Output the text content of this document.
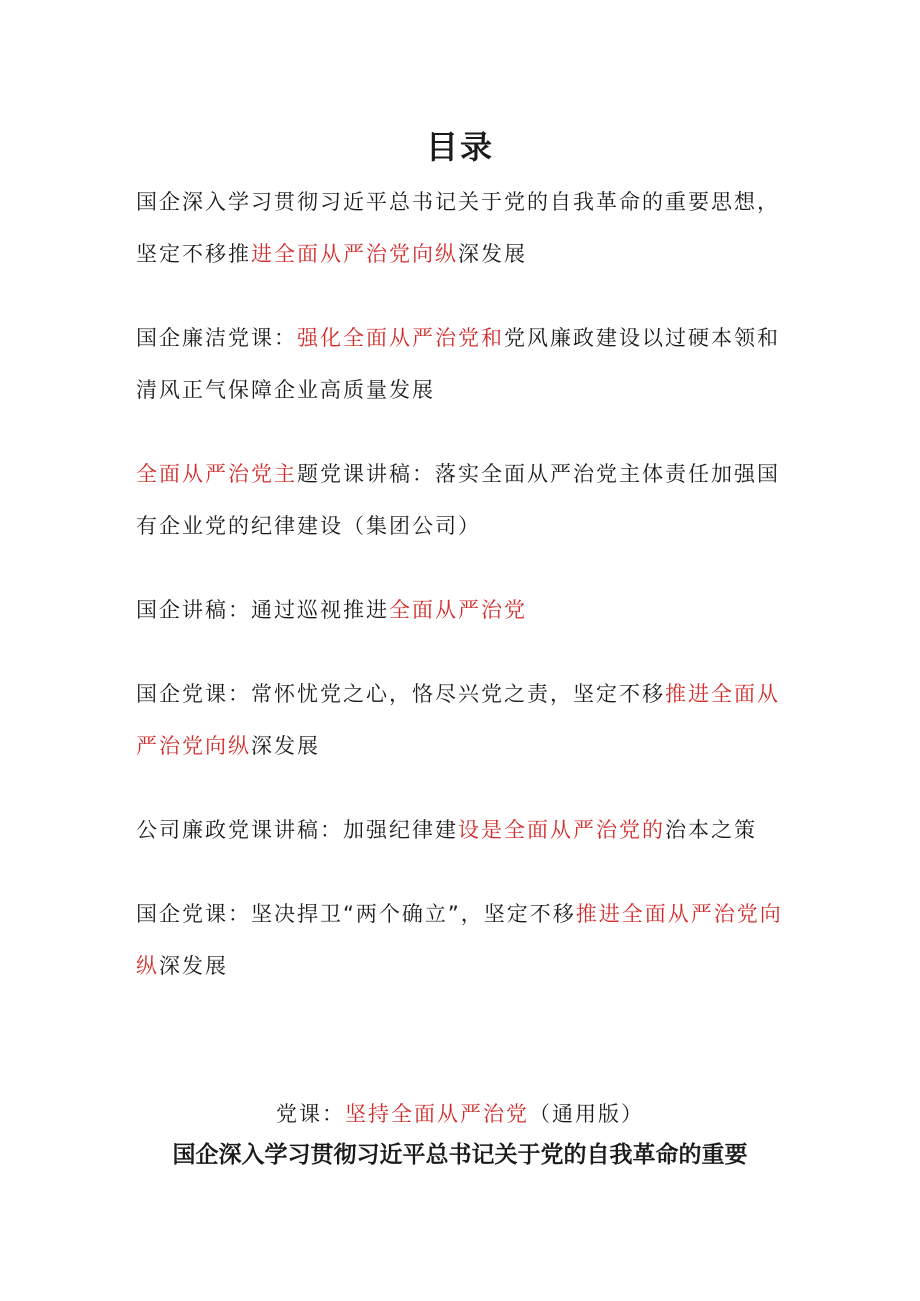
目录
国企深入学习贯彻习近平总书记关于党的自我革命的重要思想，坚定不移推进全面从严治党向纵深发展
国企廉洁党课：强化全面从严治党和党风廉政建设以过硬本领和清风正气保障企业高质量发展
全面从严治党主题党课讲稿：落实全面从严治党主体责任加强国有企业党的纪律建设（集团公司）
国企讲稿：通过巡视推进全面从严治党
国企党课：常怀忧党之心，恪尽兴党之责，坚定不移推进全面从严治党向纵深发展
公司廉政党课讲稿：加强纪律建设是全面从严治党的治本之策
国企党课：坚决捍卫“两个确立”，坚定不移推进全面从严治党向纵深发展
党课：坚持全面从严治党（通用版）
国企深入学习贯彻习近平总书记关于党的自我革命的重要
